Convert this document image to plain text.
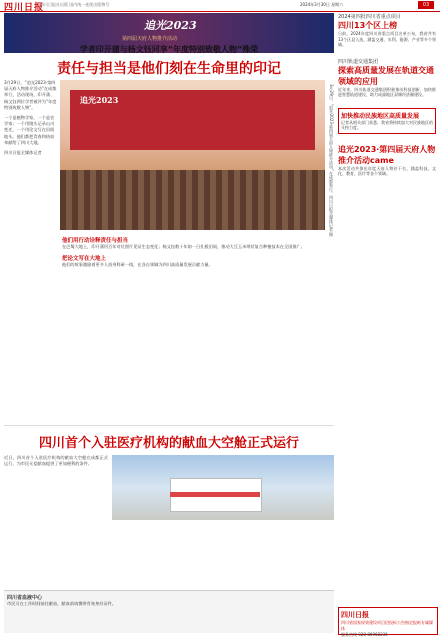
四川日报
四川日报社出版 国内统一连续出版物号	2024年3月30日 星期六	03
追光2023
第四届天府人物推介活动
学者印开蒲与杨文钰同享“年度特别致敬人物”殊荣
责任与担当是他们刻在生命里的印记
3月29日，“追光2023·第四届天府人物推介活动”在成都举行，活动现场，印开蒲、杨文钰两位学者被评为“年度特别致敬人物”。
一个是植物学家，一个是农学家；一个用镜头记录山川变迁，一个用论文写在田间地头。他们都把青春和热血奉献给了四川大地。
四川日报全媒体记者
追光2023	3月29日，“追光2023·第四届天府人物推介活动”在成都举行。四川日报全媒体记者 摄
他们用行动诠释责任与担当
在巴蜀大地上，印开蒲用百年对比照片见证生态变化；杨文钰数十年如一日扎根田间，推动大豆玉米带状复合种植技术在全国推广。
把论文写在大地上
他们的故事激励着更多人投身科研一线，在各自领域为四川高质量发展贡献力量。
四川首个入驻医疗机构的献血大空舱正式运行
近日，四川首个入驻医疗机构的献血大空舱在成都正式运行，为市民无偿献血提供了更加便利的条件。
四川省血液中心
市民可在工作时间前往献血，献血前请携带有效身份证件。
2024第四批四川省重点项目
四川13个区上榜
日前，2024年度四川省重点项目名单公布，我省共有13个区县入选，涵盖交通、水利、能源、产业等多个领域。
四川轨道交通集团
探索高质量发展在轨道交通领域的应用
近年来，四川轨道交通集团积极推动科技创新，加快推进智慧轨道建设，助力成渝地区双城经济圈建设。
加快推动民族地区高质量发展
记者从相关部门获悉，我省将持续加大对民族地区的支持力度。
追光2023·第四届天府人物推介活动came
本次活动共推出年度天府人物若干名，涵盖科技、文化、教育、医疗等各个领域。
四川日报
四川省国家权效建设项目招投标公告指定报纸专属媒体
服务热线 028-86968236
